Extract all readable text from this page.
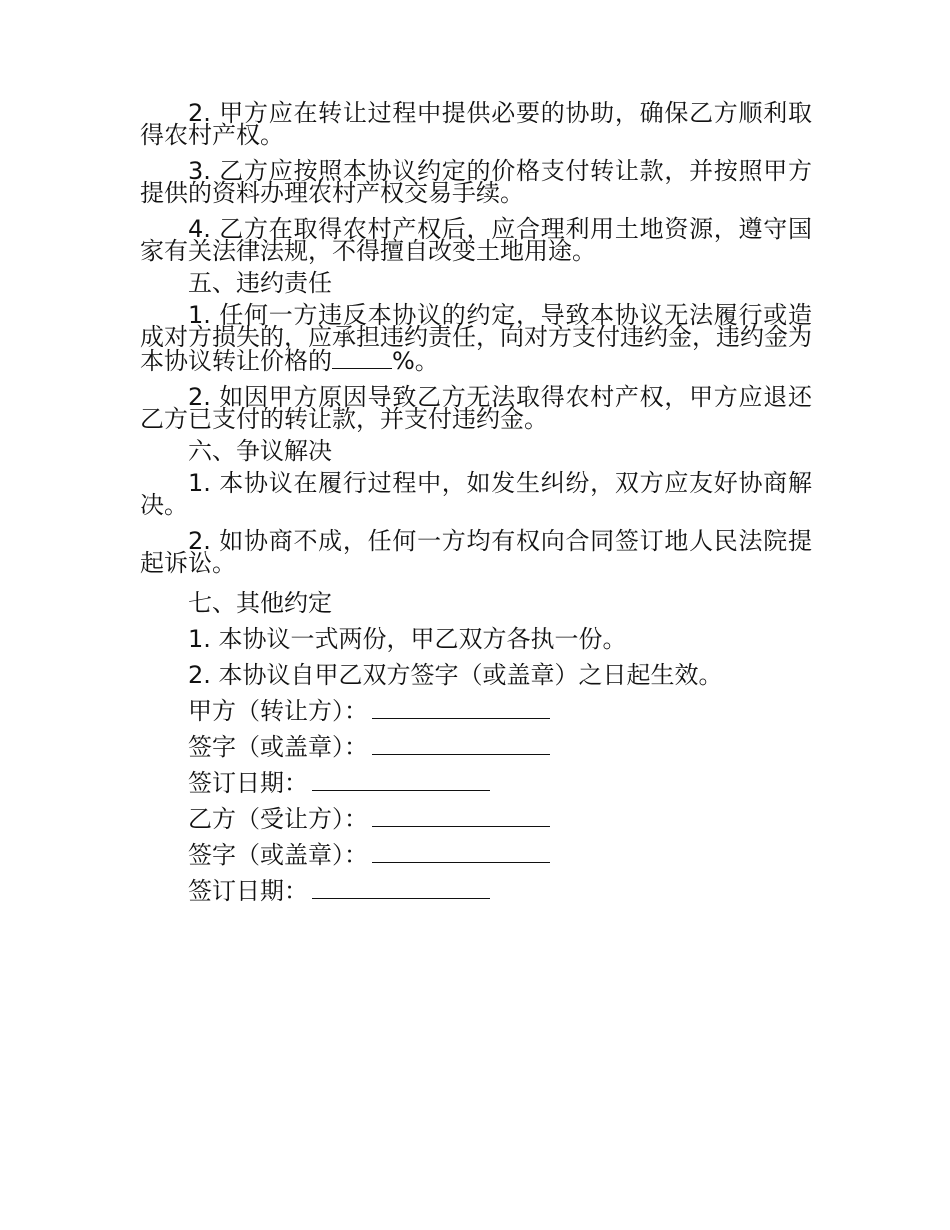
2. 甲方应在转让过程中提供必要的协助，确保乙方顺利取得农村产权。

3. 乙方应按照本协议约定的价格支付转让款，并按照甲方提供的资料办理农村产权交易手续。

4. 乙方在取得农村产权后，应合理利用土地资源，遵守国家有关法律法规，不得擅自改变土地用途。

五、违约责任

1. 任何一方违反本协议的约定，导致本协议无法履行或造成对方损失的，应承担违约责任，向对方支付违约金，违约金为本协议转让价格的	%。

2. 如因甲方原因导致乙方无法取得农村产权，甲方应退还乙方已支付的转让款，并支付违约金。

六、争议解决

1. 本协议在履行过程中，如发生纠纷，双方应友好协商解决。

2. 如协商不成，任何一方均有权向合同签订地人民法院提起诉讼。

七、其他约定

1. 本协议一式两份，甲乙双方各执一份。

2. 本协议自甲乙双方签字（或盖章）之日起生效。

甲方（转让方）：

签字（或盖章）：

签订日期：

乙方（受让方）：

签字（或盖章）：

签订日期：
